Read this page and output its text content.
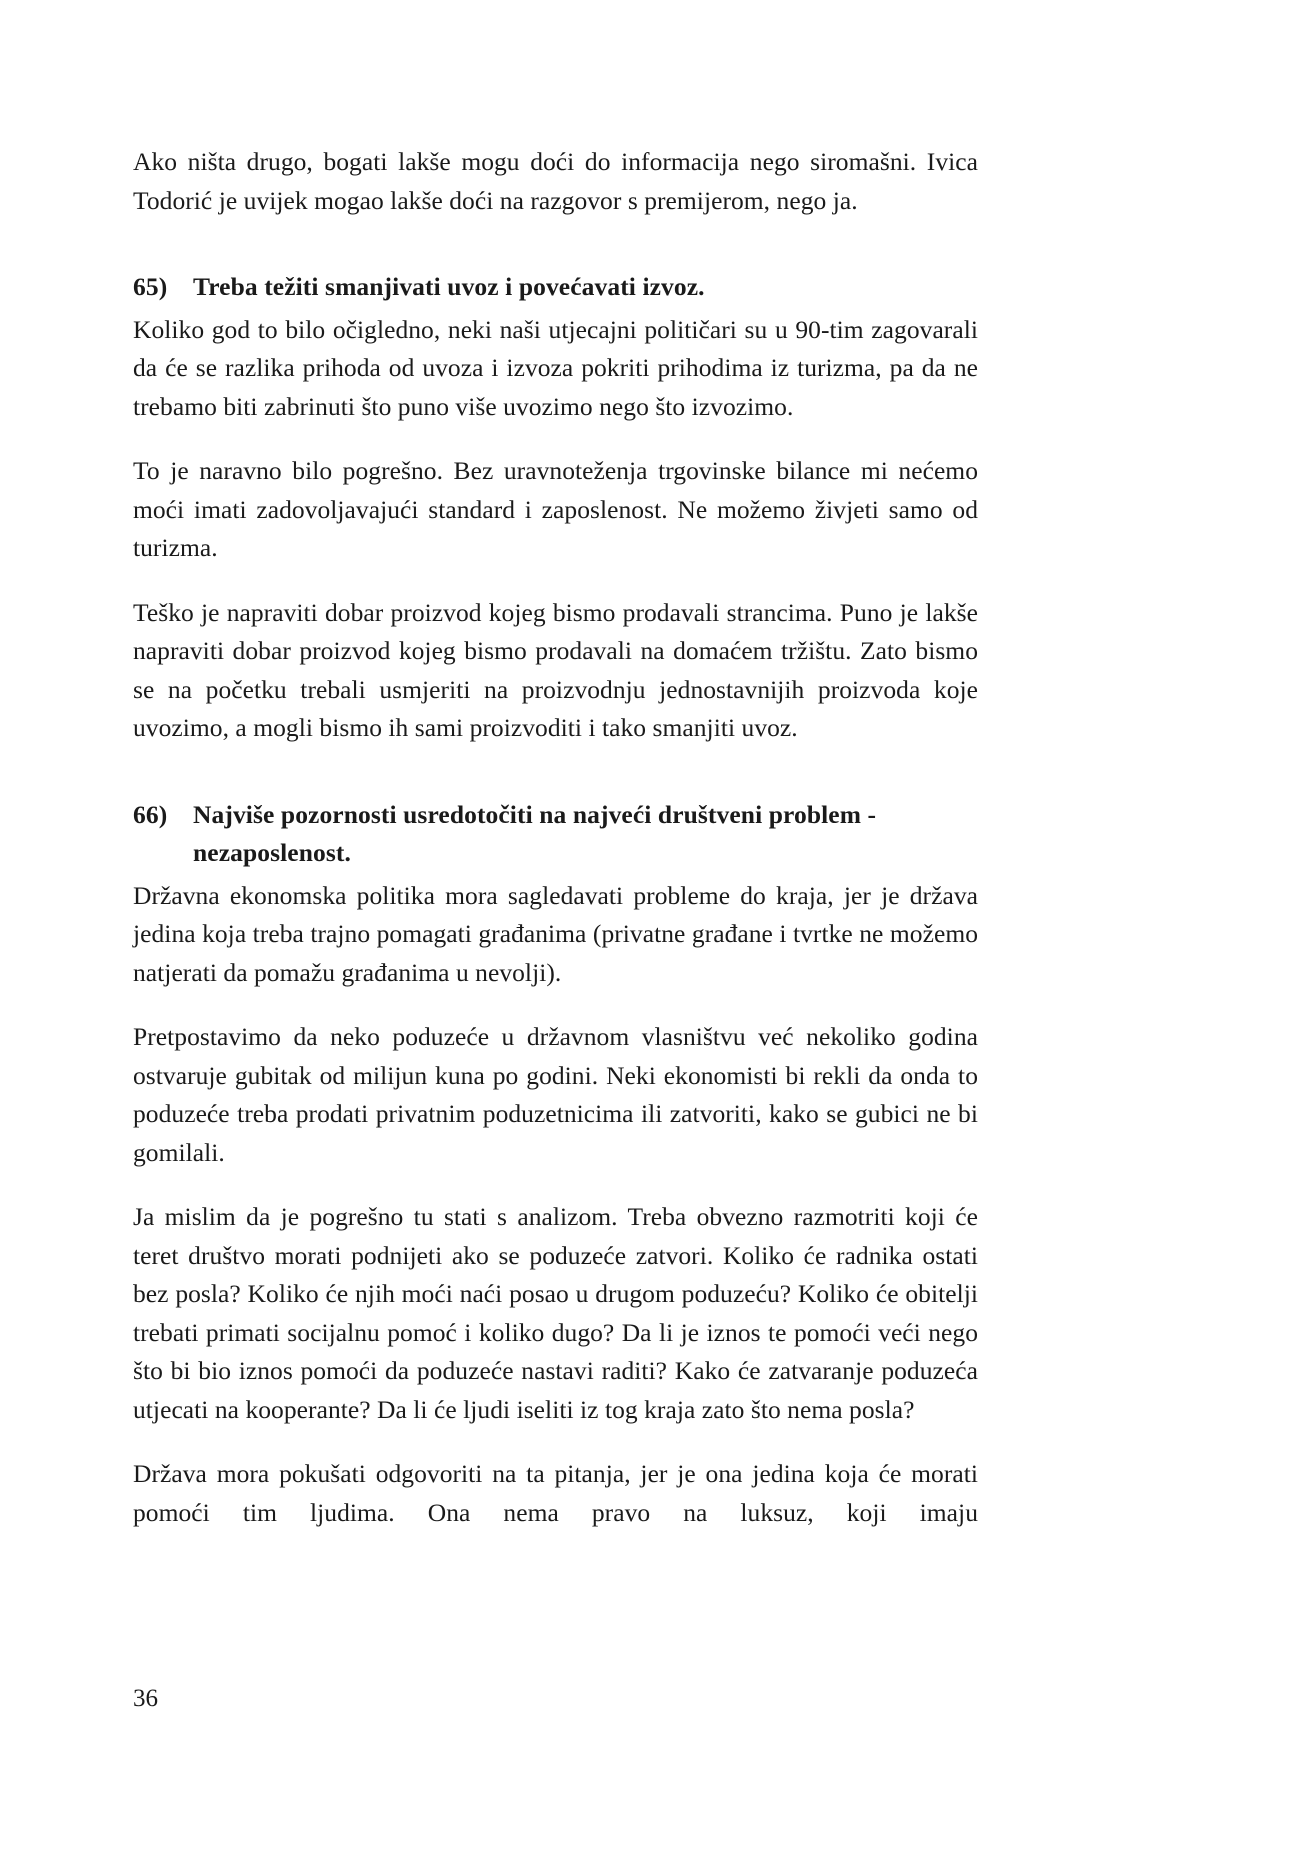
Ako ništa drugo, bogati lakše mogu doći do informacija nego siromašni. Ivica Todorić je uvijek mogao lakše doći na razgovor s premijerom, nego ja.

65) Treba težiti smanjivati uvoz i povećavati izvoz.

Koliko god to bilo očigledno, neki naši utjecajni političari su u 90-tim zagovarali da će se razlika prihoda od uvoza i izvoza pokriti prihodima iz turizma, pa da ne trebamo biti zabrinuti što puno više uvozimo nego što izvozimo.

To je naravno bilo pogrešno. Bez uravnoteženja trgovinske bilance mi nećemo moći imati zadovoljavajući standard i zaposlenost. Ne možemo živjeti samo od turizma.

Teško je napraviti dobar proizvod kojeg bismo prodavali strancima. Puno je lakše napraviti dobar proizvod kojeg bismo prodavali na domaćem tržištu. Zato bismo se na početku trebali usmjeriti na proizvodnju jednostavnijih proizvoda koje uvozimo, a mogli bismo ih sami proizvoditi i tako smanjiti uvoz.

66) Najviše pozornosti usredotočiti na najveći društveni problem - nezaposlenost.

Državna ekonomska politika mora sagledavati probleme do kraja, jer je država jedina koja treba trajno pomagati građanima (privatne građane i tvrtke ne možemo natjerati da pomažu građanima u nevolji).

Pretpostavimo da neko poduzeće u državnom vlasništvu već nekoliko godina ostvaruje gubitak od milijun kuna po godini. Neki ekonomisti bi rekli da onda to poduzeće treba prodati privatnim poduzetnicima ili zatvoriti, kako se gubici ne bi gomilali.

Ja mislim da je pogrešno tu stati s analizom. Treba obvezno razmotriti koji će teret društvo morati podnijeti ako se poduzeće zatvori. Koliko će radnika ostati bez posla? Koliko će njih moći naći posao u drugom poduzeću? Koliko će obitelji trebati primati socijalnu pomoć i koliko dugo? Da li je iznos te pomoći veći nego što bi bio iznos pomoći da poduzeće nastavi raditi? Kako će zatvaranje poduzeća utjecati na kooperante? Da li će ljudi iseliti iz tog kraja zato što nema posla?

Država mora pokušati odgovoriti na ta pitanja, jer je ona jedina koja će morati pomoći tim ljudima. Ona nema pravo na luksuz, koji imaju

36
